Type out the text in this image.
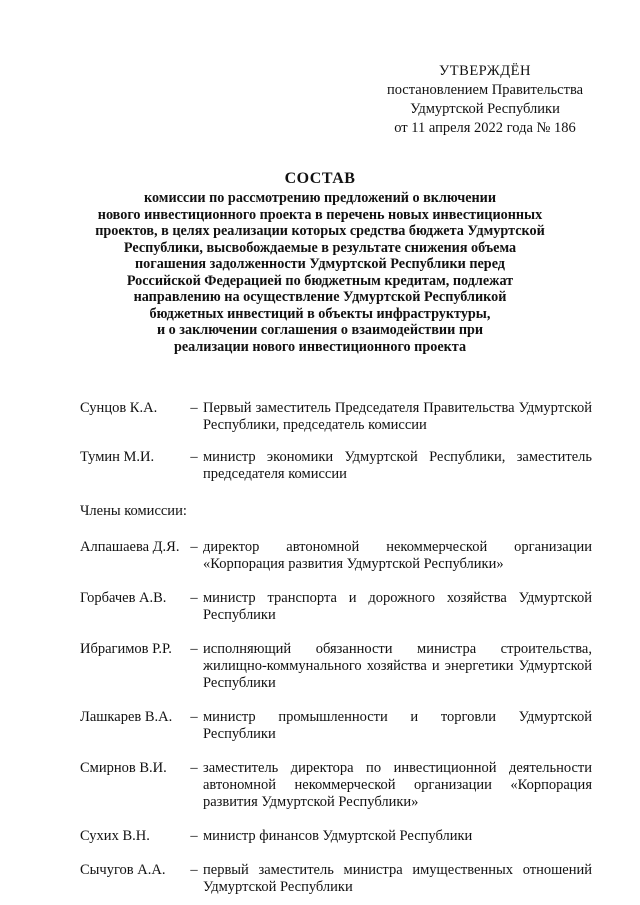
УТВЕРЖДЁН
постановлением Правительства
Удмуртской Республики
от 11 апреля 2022 года № 186
СОСТАВ
комиссии по рассмотрению предложений о включении
нового инвестиционного проекта в перечень новых инвестиционных
проектов, в целях реализации которых средства бюджета Удмуртской
Республики, высвобождаемые в результате снижения объема
погашения задолженности Удмуртской Республики перед
Российской Федерацией по бюджетным кредитам, подлежат
направлению на осуществление Удмуртской Республикой
бюджетных инвестиций в объекты инфраструктуры,
и о заключении соглашения о взаимодействии при
реализации нового инвестиционного проекта
Сунцов К.А.	– Первый заместитель Председателя Правительства Удмуртской Республики, председатель комиссии
Тумин М.И.	– министр экономики Удмуртской Республики, заместитель председателя комиссии
Члены комиссии:
Алпашаева Д.Я. – директор автономной некоммерческой организации «Корпорация развития Удмуртской Республики»
Горбачев А.В.	– министр транспорта и дорожного хозяйства Удмуртской Республики
Ибрагимов Р.Р.	– исполняющий обязанности министра строительства, жилищно-коммунального хозяйства и энергетики Удмуртской Республики
Лашкарев В.А.	– министр промышленности и торговли Удмуртской Республики
Смирнов В.И.	– заместитель директора по инвестиционной деятельности автономной некоммерческой организации «Корпорация развития Удмуртской Республики»
Сухих В.Н.	– министр финансов Удмуртской Республики
Сычугов А.А.	– первый заместитель министра имущественных отношений Удмуртской Республики
